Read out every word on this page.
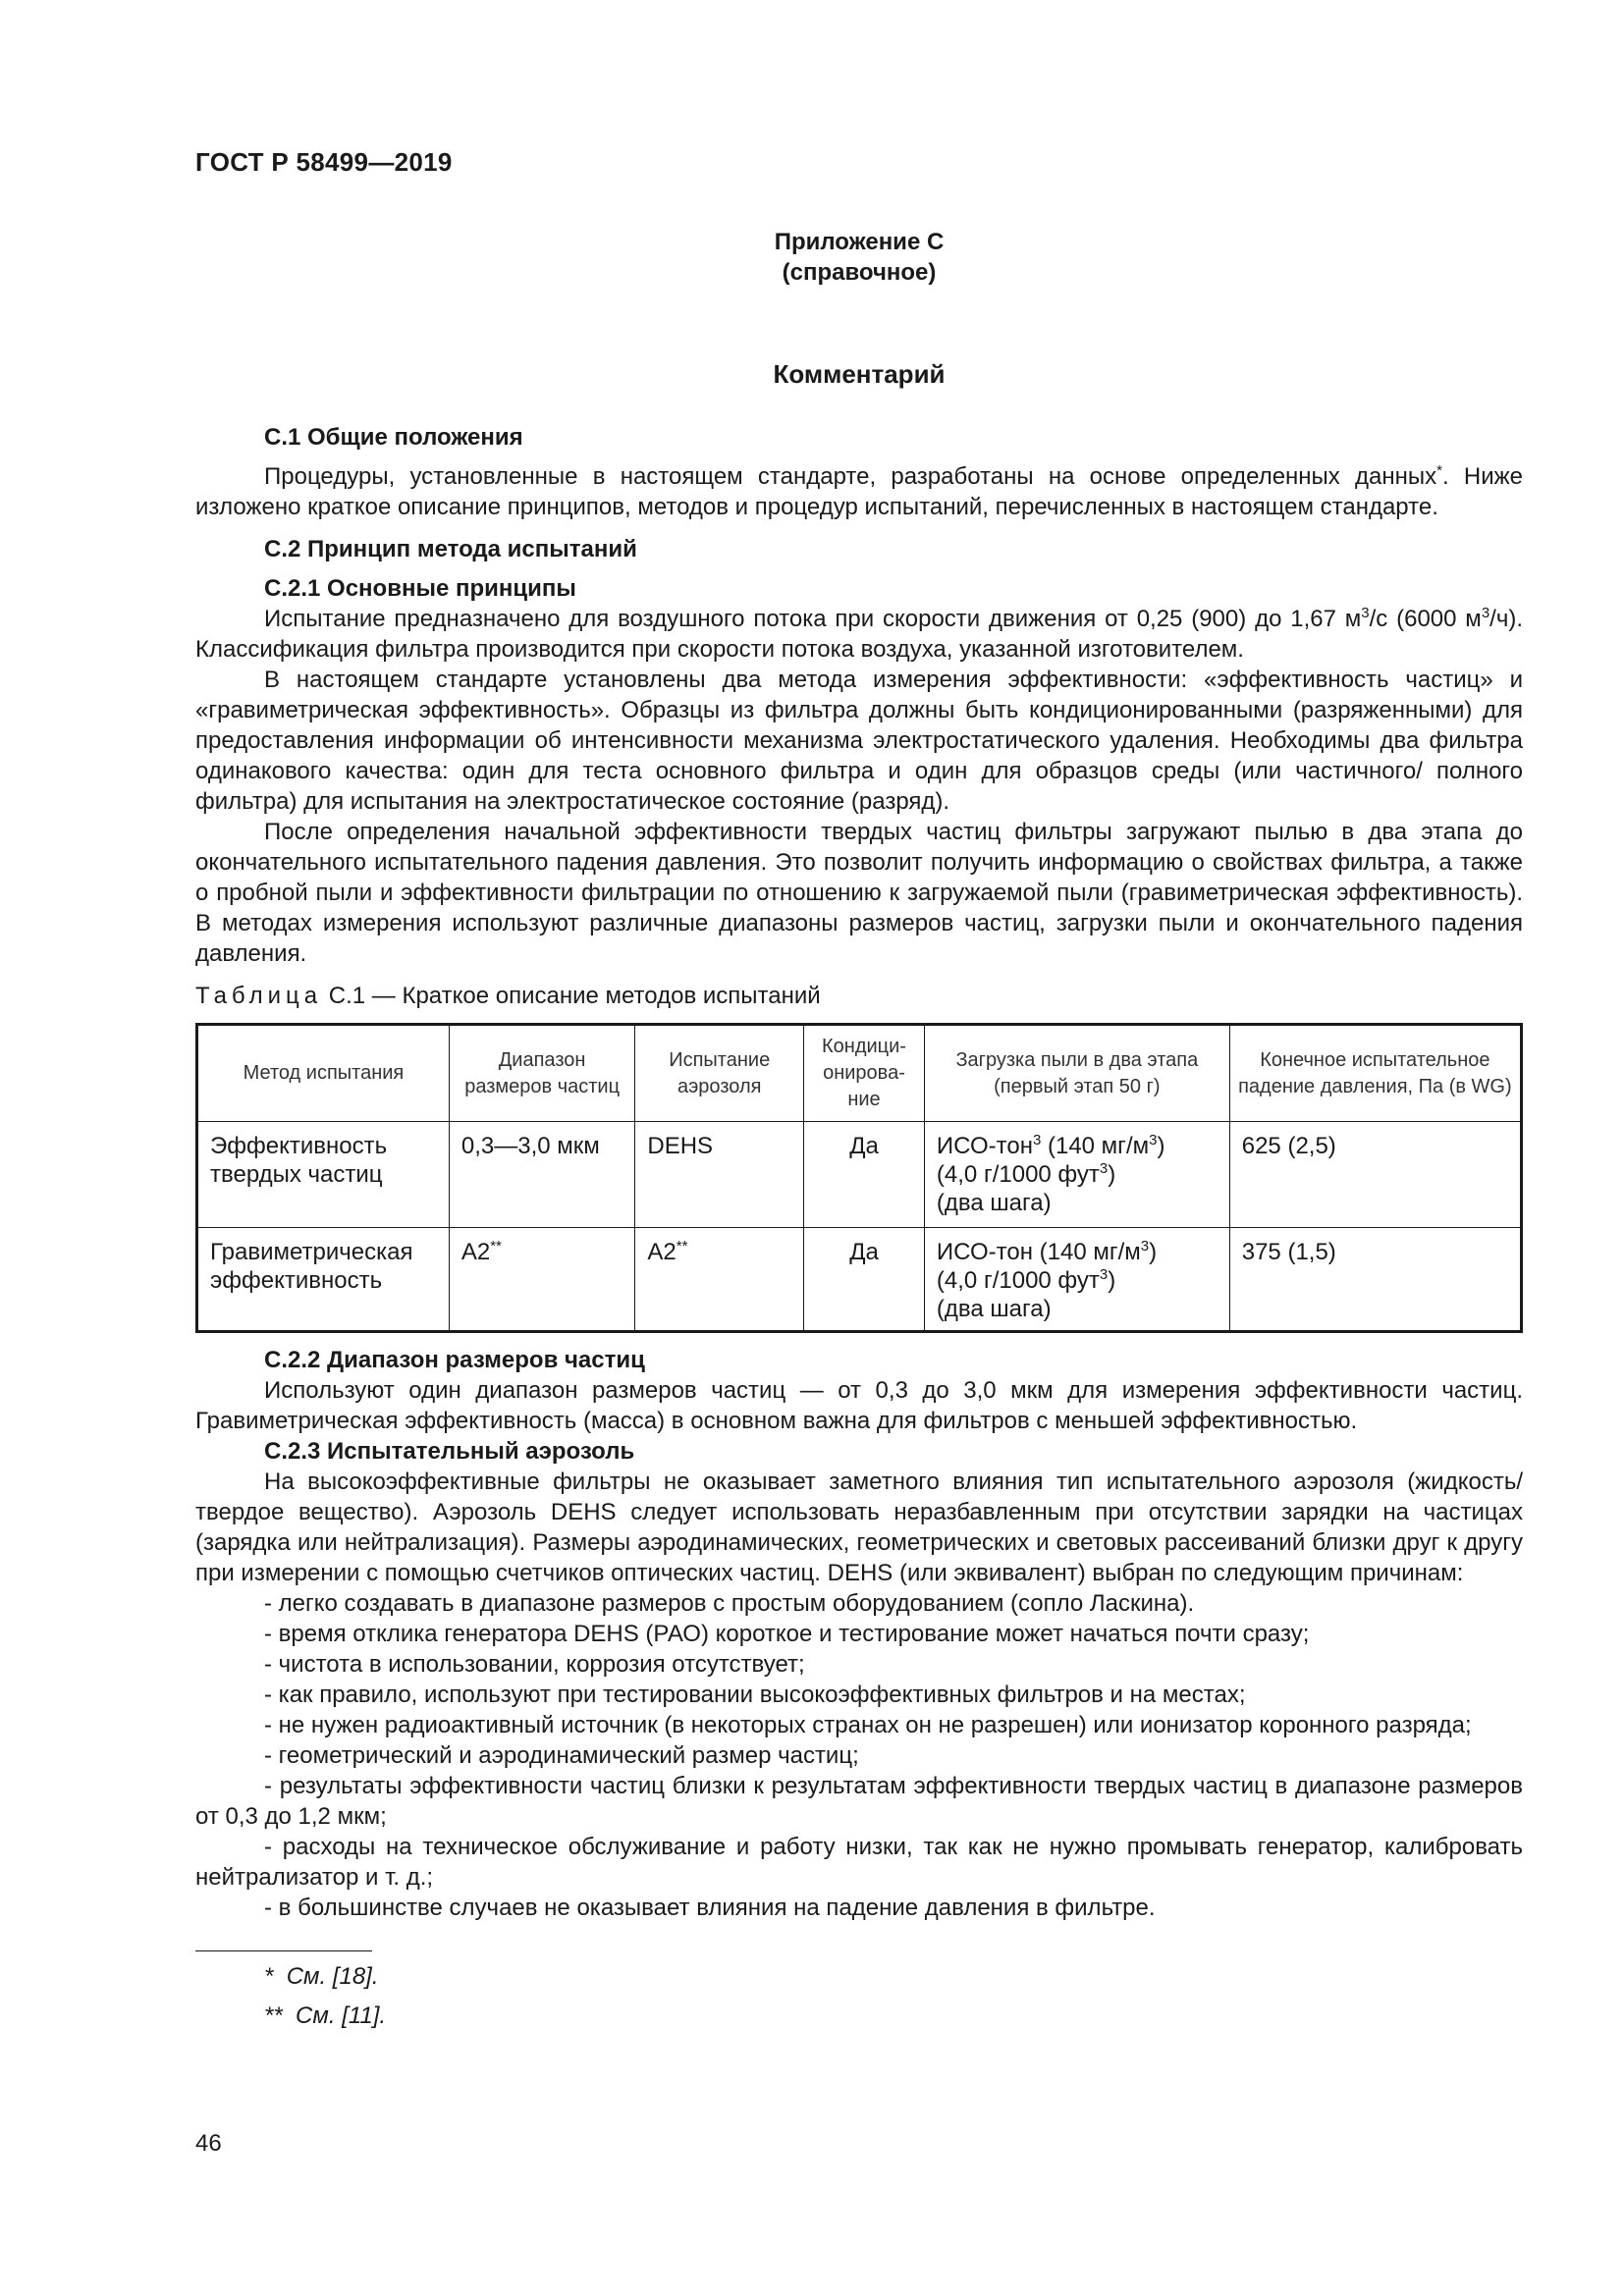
ГОСТ Р 58499—2019
Приложение С
(справочное)
Комментарий

С.1 Общие положения

Процедуры, установленные в настоящем стандарте, разработаны на основе определенных данных*. Ниже изложено краткое описание принципов, методов и процедур испытаний, перечисленных в настоящем стандарте.

С.2 Принцип метода испытаний

С.2.1 Основные принципы

Испытание предназначено для воздушного потока при скорости движения от 0,25 (900) до 1,67 $м^3/с$ (6000 $м^3/ч$). Классификация фильтра производится при скорости потока воздуха, указанной изготовителем.

В настоящем стандарте установлены два метода измерения эффективности: «эффективность частиц» и «гравиметрическая эффективность». Образцы из фильтра должны быть кондиционированными (разряженными) для предоставления информации об интенсивности механизма электростатического удаления. Необходимы два фильтра одинакового качества: один для теста основного фильтра и один для образцов среды (или частичного/ полного фильтра) для испытания на электростатическое состояние (разряд).

После определения начальной эффективности твердых частиц фильтры загружают пылью в два этапа до окончательного испытательного падения давления. Это позволит получить информацию о свойствах фильтра, а также о пробной пыли и эффективности фильтрации по отношению к загружаемой пыли (гравиметрическая эффективность). В методах измерения используют различные диапазоны размеров частиц, загрузки пыли и окончательного падения давления.

Таблица С.1 — Краткое описание методов испытаний

Метод испытания	Диапазон размеров частиц	Испытание аэрозоля	Кондици-онирова-ние	Загрузка пыли в два этапа (первый этап 50 г)	Конечное испытательное падение давления, Па (в WG)
Эффективность твердых частиц	0,3—3,0 мкм	DEHS	Да	ИСО-тон$^3$ (140 $мг/м^3$)
(4,0 г/1000 фут$^3$)
(два шага)	625 (2,5)
Гравиметрическая эффективность	А2**	А2**	Да	ИСО-тон (140 $мг/м^3$)
(4,0 г/1000 фут$^3$)
(два шага)	375 (1,5)

С.2.2 Диапазон размеров частиц

Используют один диапазон размеров частиц — от 0,3 до 3,0 мкм для измерения эффективности частиц. Гравиметрическая эффективность (масса) в основном важна для фильтров с меньшей эффективностью.

С.2.3 Испытательный аэрозоль

На высокоэффективные фильтры не оказывает заметного влияния тип испытательного аэрозоля (жидкость/ твердое вещество). Аэрозоль DEHS следует использовать неразбавленным при отсутствии зарядки на частицах (зарядка или нейтрализация). Размеры аэродинамических, геометрических и световых рассеиваний близки друг к другу при измерении с помощью счетчиков оптических частиц. DEHS (или эквивалент) выбран по следующим причинам:

- легко создавать в диапазоне размеров с простым оборудованием (сопло Ласкина).

- время отклика генератора DEHS (РАО) короткое и тестирование может начаться почти сразу;

- чистота в использовании, коррозия отсутствует;

- как правило, используют при тестировании высокоэффективных фильтров и на местах;

- не нужен радиоактивный источник (в некоторых странах он не разрешен) или ионизатор коронного разряда;

- геометрический и аэродинамический размер частиц;

- результаты эффективности частиц близки к результатам эффективности твердых частиц в диапазоне размеров от 0,3 до 1,2 мкм;

- расходы на техническое обслуживание и работу низки, так как не нужно промывать генератор, калибровать нейтрализатор и т. д.;

- в большинстве случаев не оказывает влияния на падение давления в фильтре.

* См. [18].

** См. [11].

46
